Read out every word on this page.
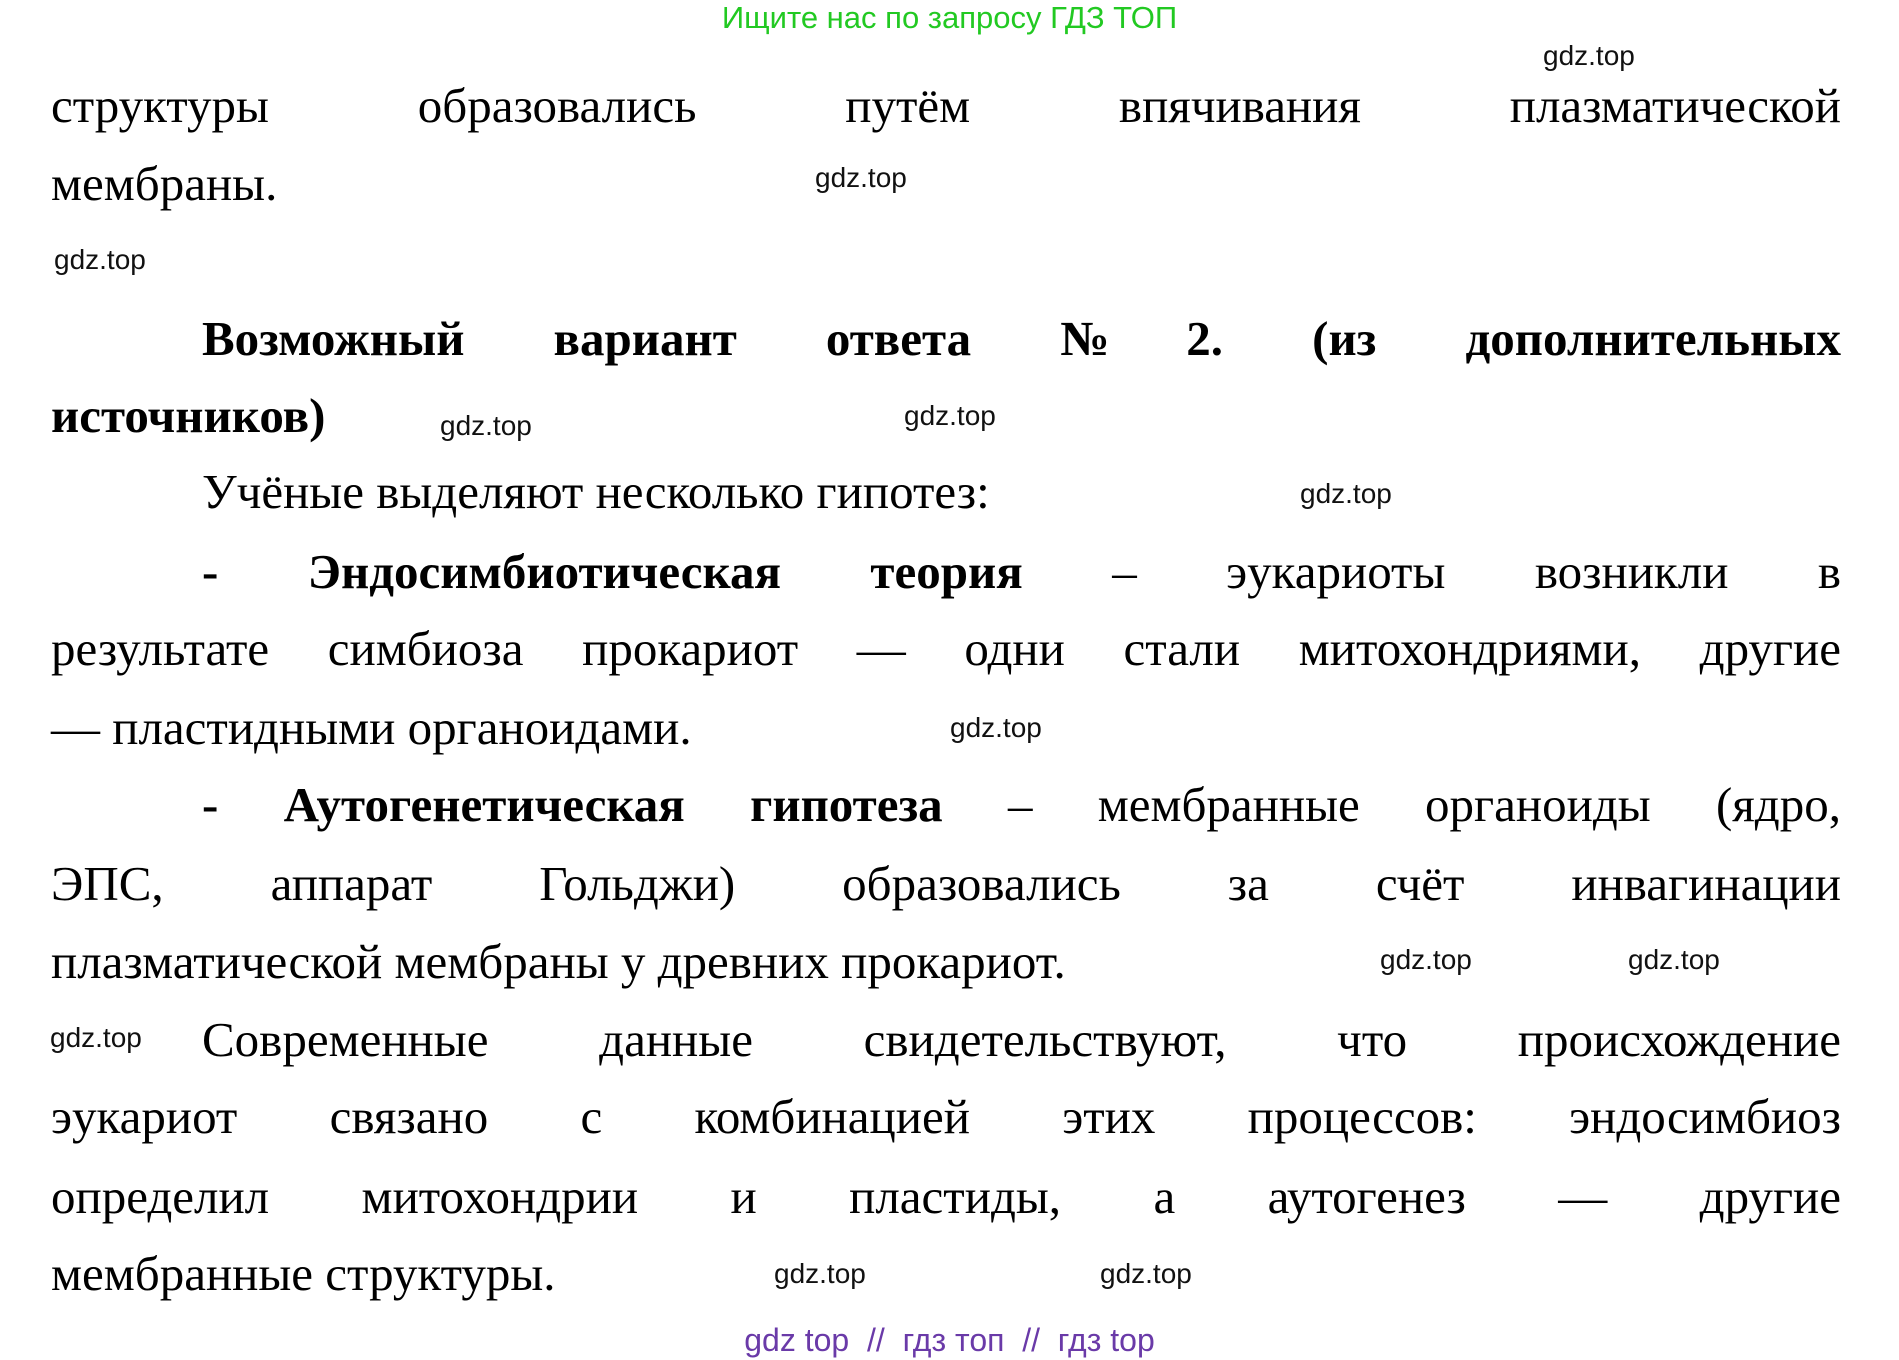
Ищите нас по запросу ГДЗ ТОП
структуры образовались путём впячивания плазматической
мембраны.
Возможный вариант ответа №2. (из дополнительных
источников)
Учёные выделяют несколько гипотез:
- Эндосимбиотическая теория – эукариоты возникли в
результате симбиоза прокариот — одни стали митохондриями, другие
— пластидными органоидами.
- Аутогенетическая гипотеза – мембранные органоиды (ядро,
ЭПС, аппарат Гольджи) образовались за счёт инвагинации
плазматической мембраны у древних прокариот.
Современные данные свидетельствуют, что происхождение
эукариот связано с комбинацией этих процессов: эндосимбиоз
определил митохондрии и пластиды, а аутогенез — другие
мембранные структуры.
gdz.top
gdz.top
gdz.top
gdz.top
gdz.top
gdz.top
gdz.top
gdz.top
gdz.top
gdz.top
gdz.top
gdz.top
gdz top  //  гдз топ  //  гдз top
